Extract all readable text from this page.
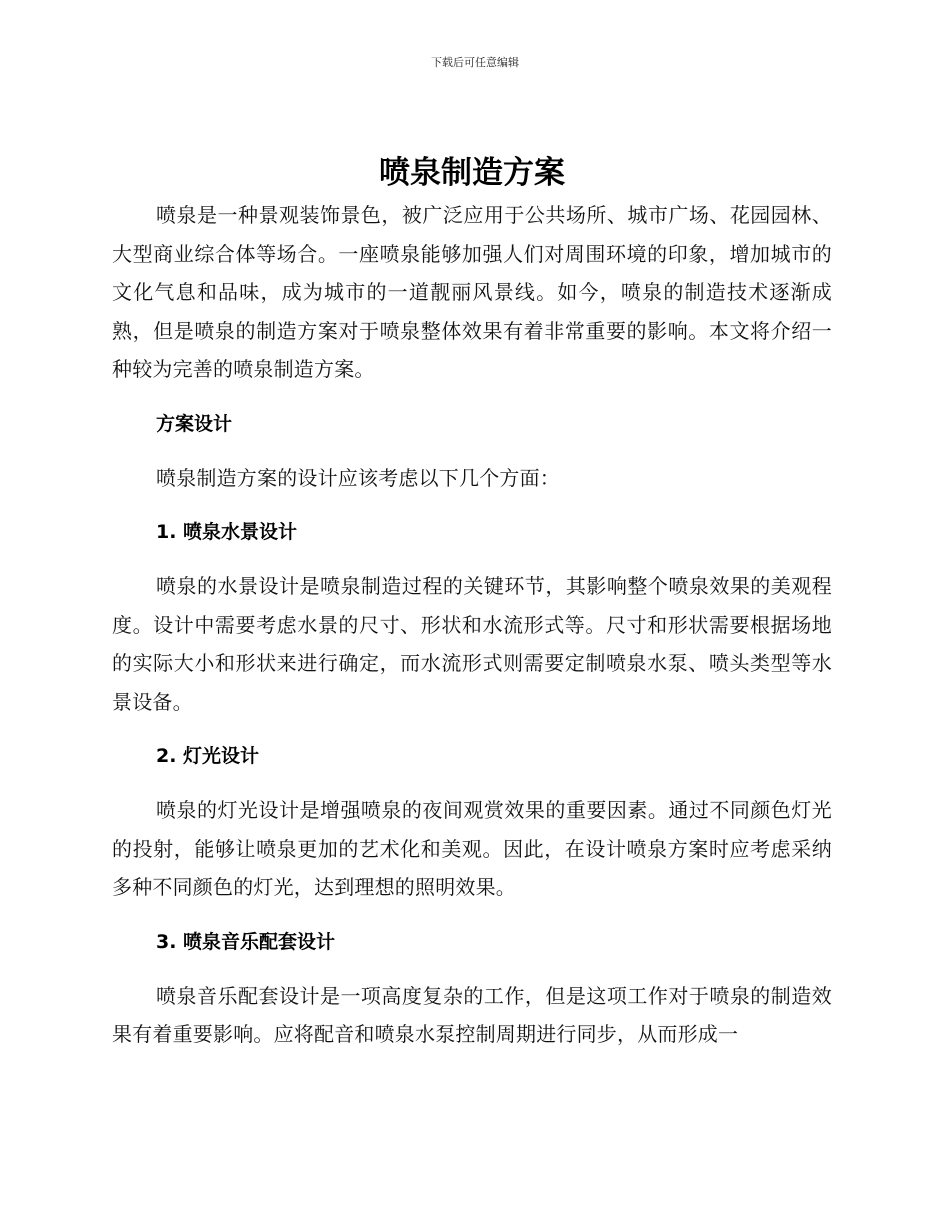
下载后可任意编辑
喷泉制造方案

喷泉是一种景观装饰景色，被广泛应用于公共场所、城市广场、花园园林、大型商业综合体等场合。一座喷泉能够加强人们对周围环境的印象，增加城市的文化气息和品味，成为城市的一道靓丽风景线。如今，喷泉的制造技术逐渐成熟，但是喷泉的制造方案对于喷泉整体效果有着非常重要的影响。本文将介绍一种较为完善的喷泉制造方案。

方案设计

喷泉制造方案的设计应该考虑以下几个方面：

1. 喷泉水景设计

喷泉的水景设计是喷泉制造过程的关键环节，其影响整个喷泉效果的美观程度。设计中需要考虑水景的尺寸、形状和水流形式等。尺寸和形状需要根据场地的实际大小和形状来进行确定，而水流形式则需要定制喷泉水泵、喷头类型等水景设备。

2. 灯光设计

喷泉的灯光设计是增强喷泉的夜间观赏效果的重要因素。通过不同颜色灯光的投射，能够让喷泉更加的艺术化和美观。因此，在设计喷泉方案时应考虑采纳多种不同颜色的灯光，达到理想的照明效果。

3. 喷泉音乐配套设计

喷泉音乐配套设计是一项高度复杂的工作，但是这项工作对于喷泉的制造效果有着重要影响。应将配音和喷泉水泵控制周期进行同步，从而形成一
